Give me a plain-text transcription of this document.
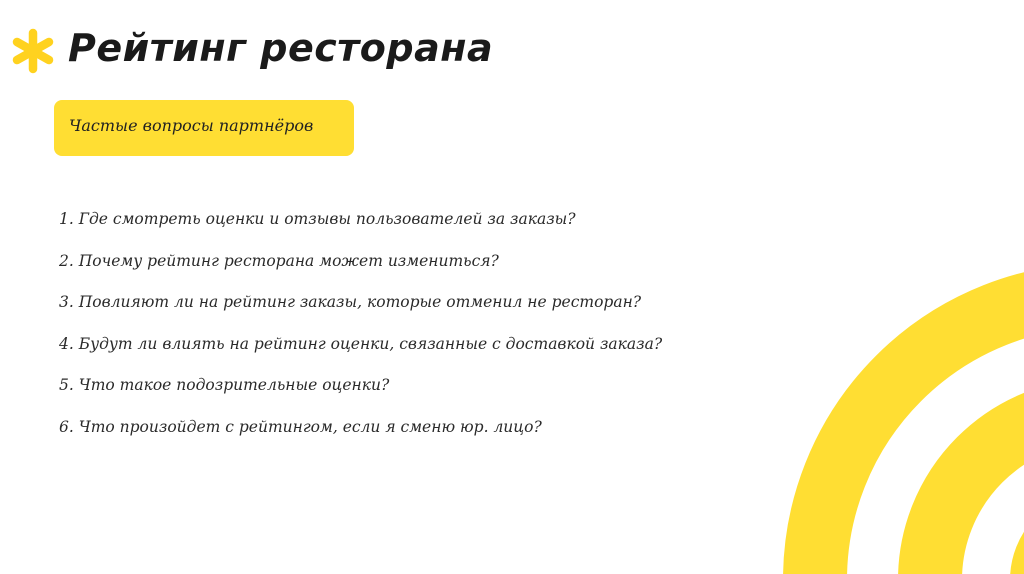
Рейтинг ресторана
Частые вопросы партнёров
1. Где смотреть оценки и отзывы пользователей за заказы?
2. Почему рейтинг ресторана может измениться?
3. Повлияют ли на рейтинг заказы, которые отменил не ресторан?
4. Будут ли влиять на рейтинг оценки, связанные с доставкой заказа?
5. Что такое подозрительные оценки?
6. Что произойдет с рейтингом, если я сменю юр. лицо?
